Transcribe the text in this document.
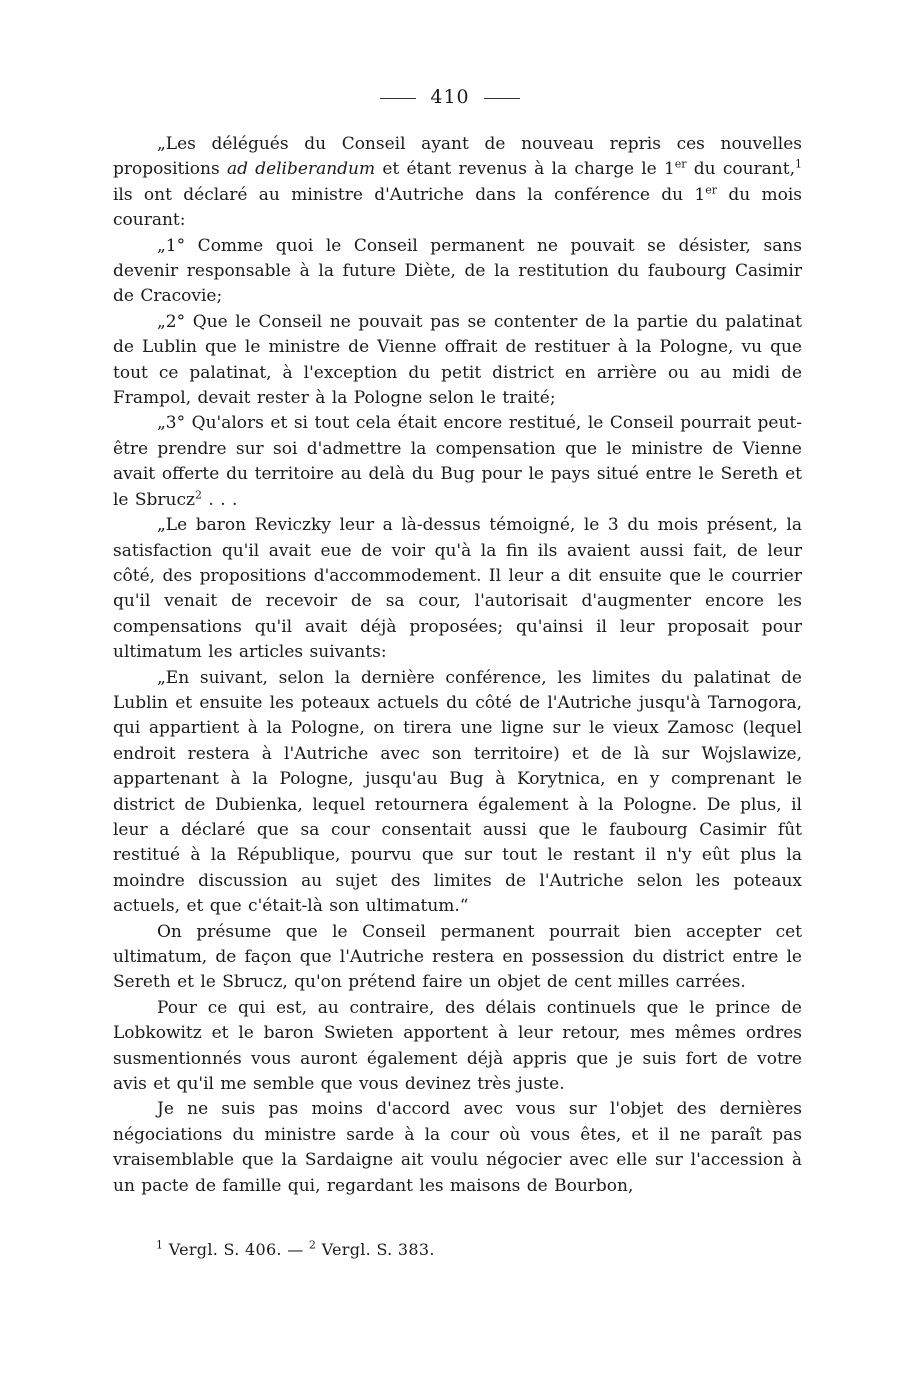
410

„Les délégués du Conseil ayant de nouveau repris ces nouvelles propositions ad deliberandum et étant revenus à la charge le 1er du courant,$^1$ ils ont déclaré au ministre d'Autriche dans la conférence du 1er du mois courant:

„1° Comme quoi le Conseil permanent ne pouvait se désister, sans devenir responsable à la future Diète, de la restitution du faubourg Casimir de Cracovie;

„2° Que le Conseil ne pouvait pas se contenter de la partie du palatinat de Lublin que le ministre de Vienne offrait de restituer à la Pologne, vu que tout ce palatinat, à l'exception du petit district en arrière ou au midi de Frampol, devait rester à la Pologne selon le traité;

„3° Qu'alors et si tout cela était encore restitué, le Conseil pourrait peut-être prendre sur soi d'admettre la compensation que le ministre de Vienne avait offerte du territoire au delà du Bug pour le pays situé entre le Sereth et le Sbrucz$^2$ . . .

„Le baron Reviczky leur a là-dessus témoigné, le 3 du mois présent, la satisfaction qu'il avait eue de voir qu'à la fin ils avaient aussi fait, de leur côté, des propositions d'accommodement. Il leur a dit ensuite que le courrier qu'il venait de recevoir de sa cour, l'autorisait d'augmenter encore les compensations qu'il avait déjà proposées; qu'ainsi il leur proposait pour ultimatum les articles suivants:

„En suivant, selon la dernière conférence, les limites du palatinat de Lublin et ensuite les poteaux actuels du côté de l'Autriche jusqu'à Tarnogora, qui appartient à la Pologne, on tirera une ligne sur le vieux Zamosc (lequel endroit restera à l'Autriche avec son territoire) et de là sur Wojslawize, appartenant à la Pologne, jusqu'au Bug à Korytnica, en y comprenant le district de Dubienka, lequel retournera également à la Pologne. De plus, il leur a déclaré que sa cour consentait aussi que le faubourg Casimir fût restitué à la République, pourvu que sur tout le restant il n'y eût plus la moindre discussion au sujet des limites de l'Autriche selon les poteaux actuels, et que c'était-là son ultimatum.“

On présume que le Conseil permanent pourrait bien accepter cet ultimatum, de façon que l'Autriche restera en possession du district entre le Sereth et le Sbrucz, qu'on prétend faire un objet de cent milles carrées.

Pour ce qui est, au contraire, des délais continuels que le prince de Lobkowitz et le baron Swieten apportent à leur retour, mes mêmes ordres susmentionnés vous auront également déjà appris que je suis fort de votre avis et qu'il me semble que vous devinez très juste.

Je ne suis pas moins d'accord avec vous sur l'objet des dernières négociations du ministre sarde à la cour où vous êtes, et il ne paraît pas vraisemblable que la Sardaigne ait voulu négocier avec elle sur l'accession à un pacte de famille qui, regardant les maisons de Bourbon,

$^1$ Vergl. S. 406. — $^2$ Vergl. S. 383.
